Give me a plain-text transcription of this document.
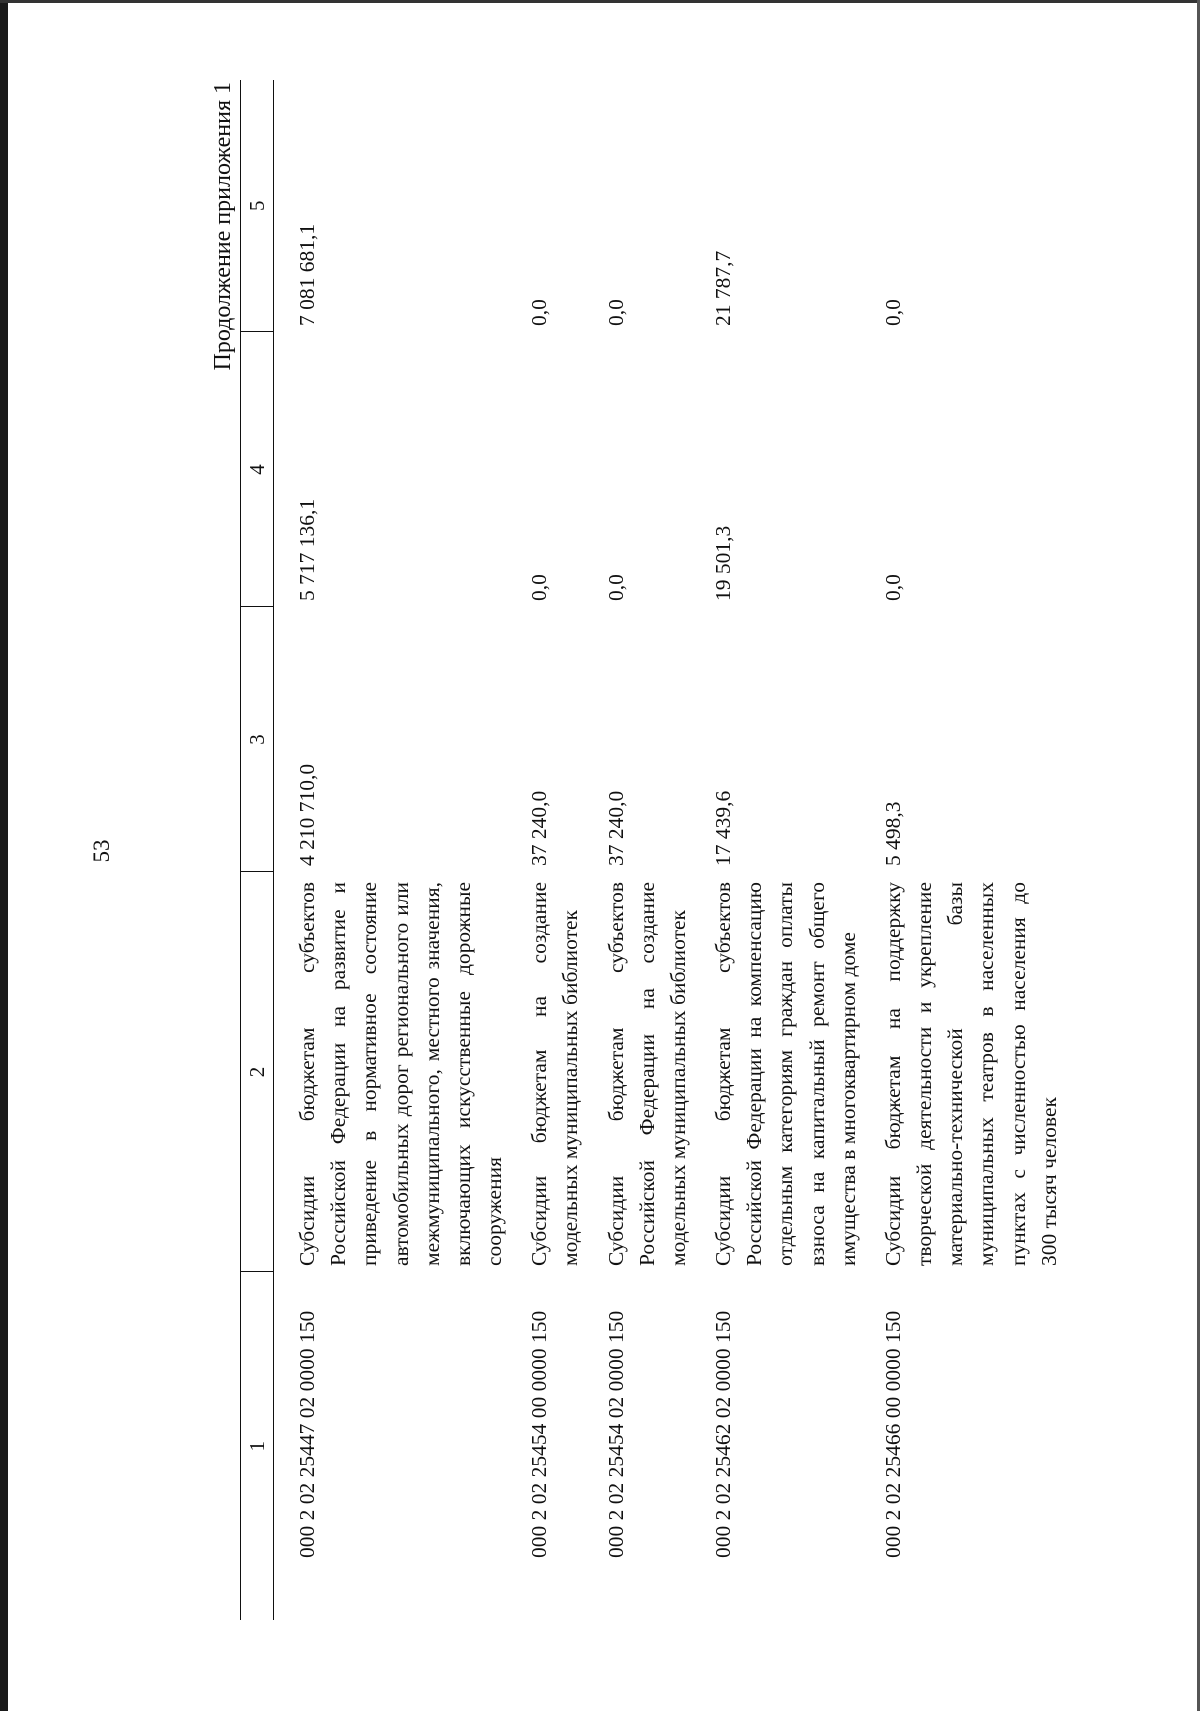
53
Продолжение приложения 1
1	2	3	4	5
000 2 02 25447 02 0000 150	Субсидии бюджетам субъектов Российской Федерации на развитие и приведение в нормативное состояние автомобильных дорог регионального или межмуниципального, местного значения, включающих искусственные дорожные сооружения	4 210 710,0	5 717 136,1	7 081 681,1
000 2 02 25454 00 0000 150	Субсидии бюджетам на создание модельных муниципальных библиотек	37 240,0	0,0	0,0
000 2 02 25454 02 0000 150	Субсидии бюджетам субъектов Российской Федерации на создание модельных муниципальных библиотек	37 240,0	0,0	0,0
000 2 02 25462 02 0000 150	Субсидии бюджетам субъектов Российской Федерации на компенсацию отдельным категориям граждан оплаты взноса на капитальный ремонт общего имущества в многоквартирном доме	17 439,6	19 501,3	21 787,7
000 2 02 25466 00 0000 150	Субсидии бюджетам на поддержку творческой деятельности и укрепление материально-технической базы муниципальных театров в населенных пунктах с численностью населения до 300 тысяч человек	5 498,3	0,0	0,0
